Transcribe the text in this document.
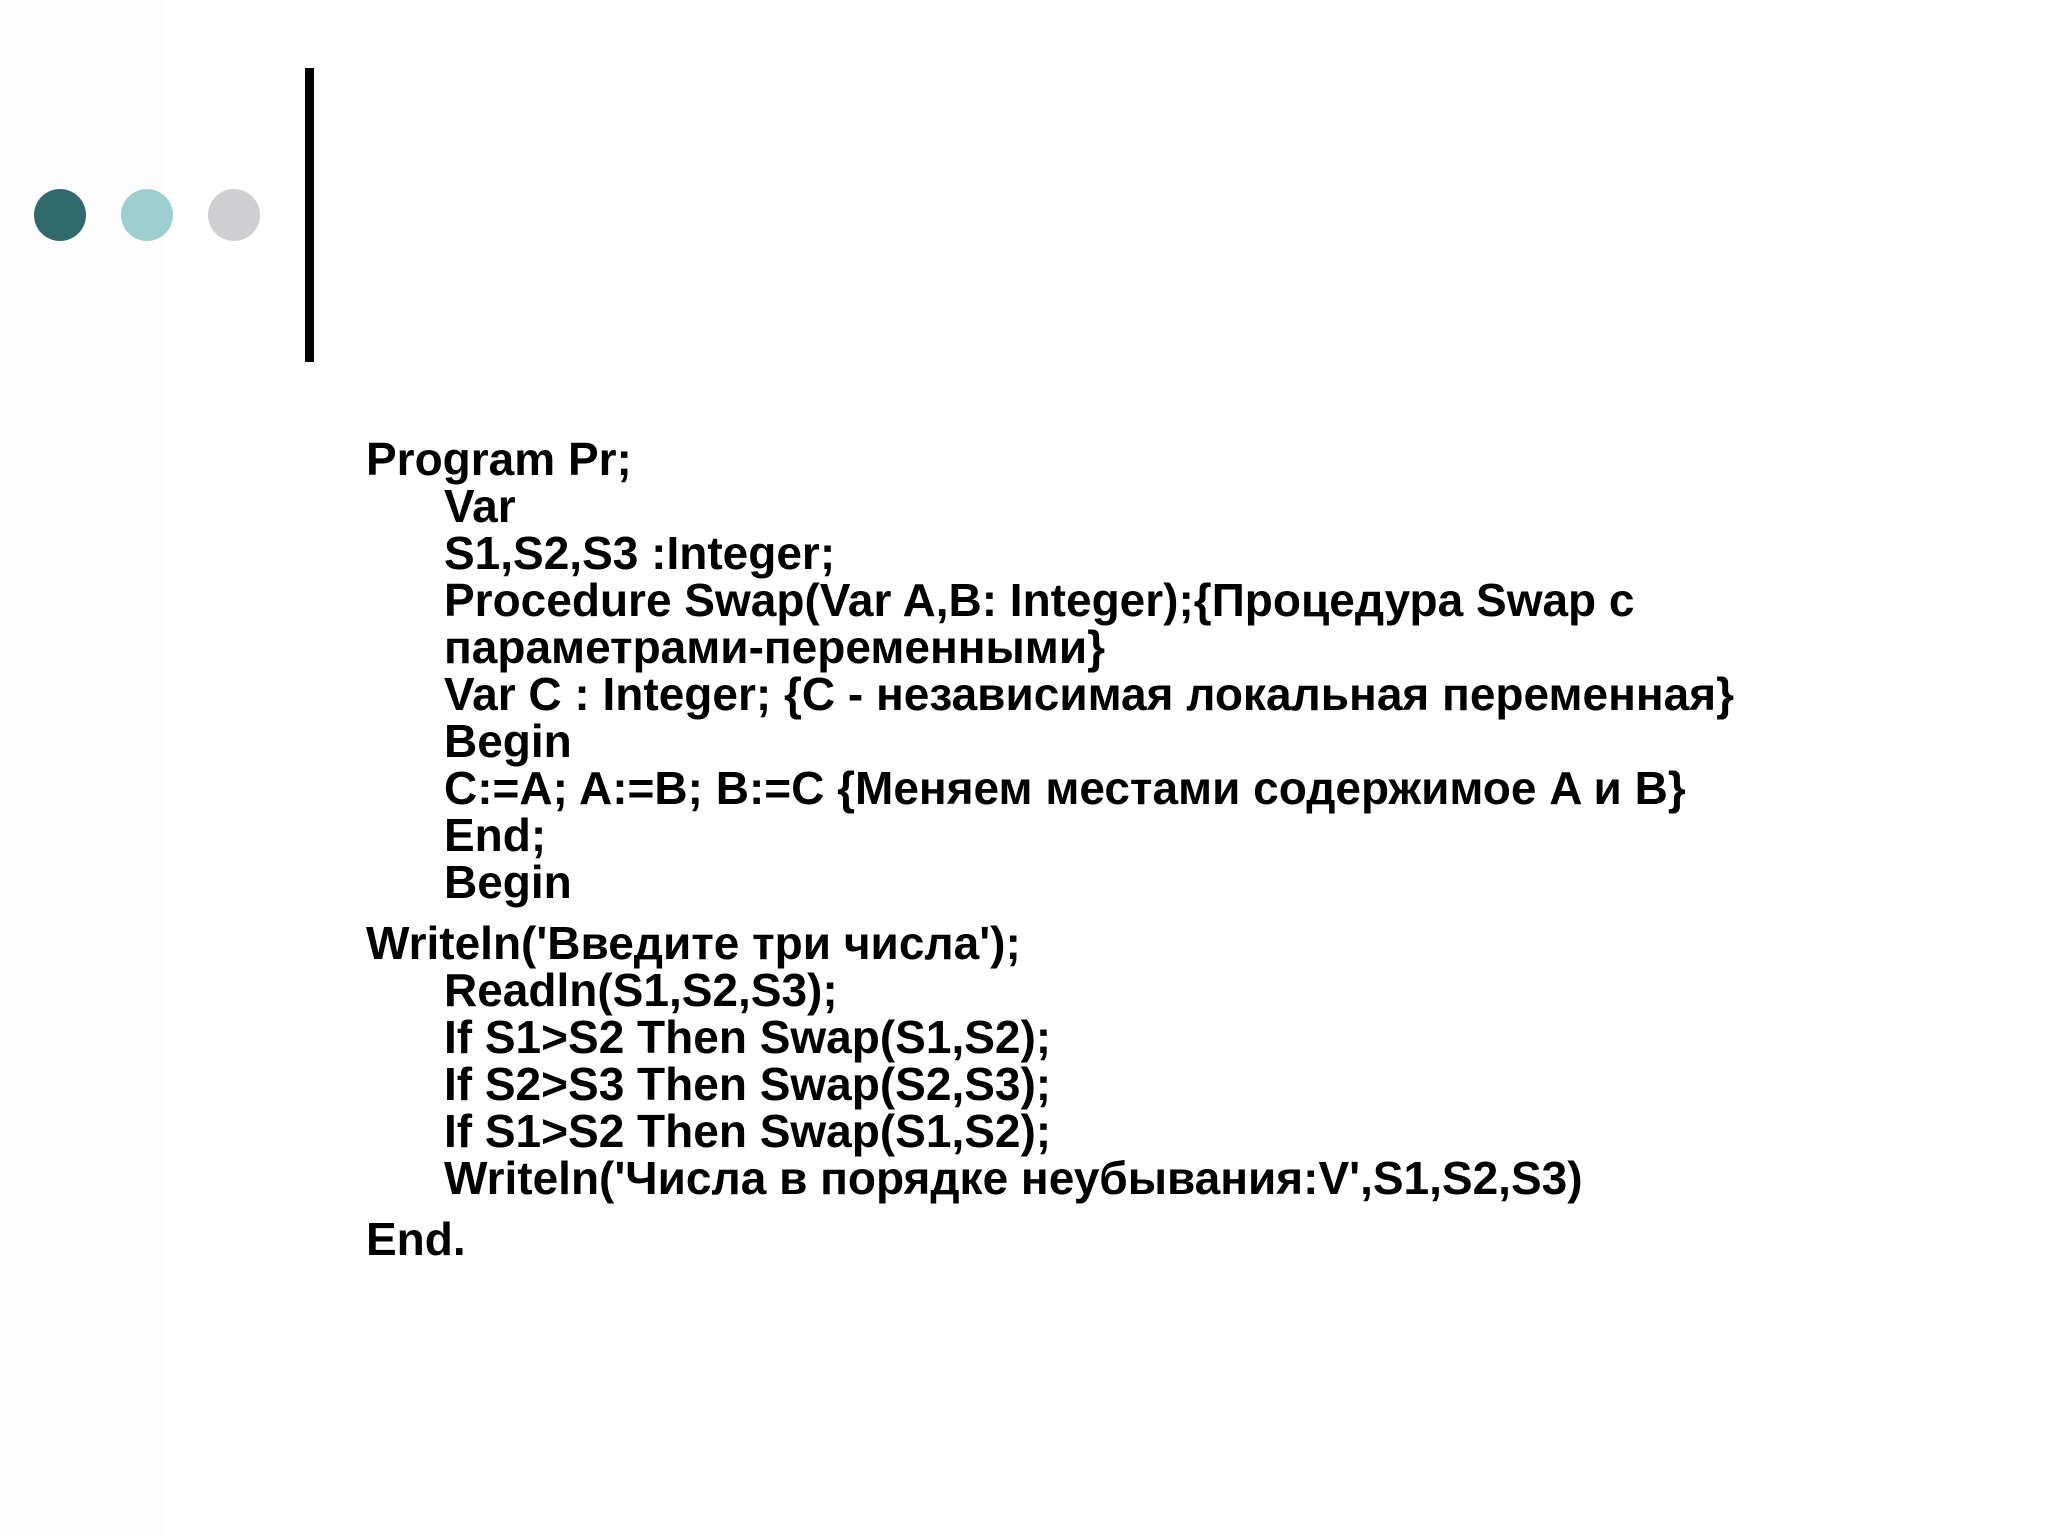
Program Pr;
Var
S1,S2,S3 :Integer;
Procedure Swap(Var A,B: Integer);{Процедура Swap с
параметрами-переменными}
Var C : Integer; {C - независимая локальная переменная}
Begin
C:=A; A:=B; B:=C {Меняем местами содержимое A и B}
End;
Begin
Writeln('Введите три числа');
Readln(S1,S2,S3);
If S1>S2 Then Swap(S1,S2);
If S2>S3 Then Swap(S2,S3);
If S1>S2 Then Swap(S1,S2);
Writeln('Числа в порядке неубывания:V',S1,S2,S3)
End.
